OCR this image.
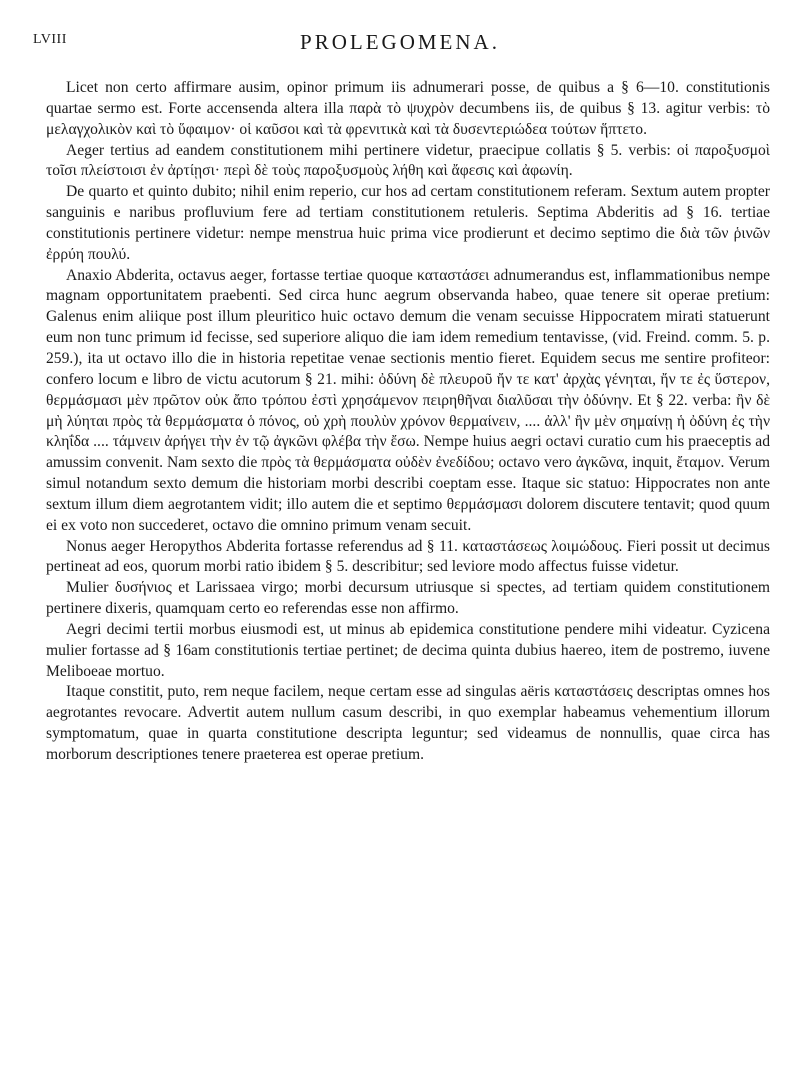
LVIII	PROLEGOMENA.

Licet non certo affirmare ausim, opinor primum iis adnumerari posse, de quibus a § 6—10. constitutionis quartae sermo est. Forte accensenda altera illa παρὰ τὸ ψυχρὸν decumbens iis, de quibus § 13. agitur verbis: τὸ μελαγχολικὸν καὶ τὸ ὕφαιμον· οἱ καῦσοι καὶ τὰ φρενιτικὰ καὶ τὰ δυσεντεριώδεα τούτων ἥπτετο.

Aeger tertius ad eandem constitutionem mihi pertinere videtur, praecipue collatis § 5. verbis: οἱ παροξυσμοὶ τοῖσι πλείστοισι ἐν ἀρτίῃσι· περὶ δὲ τοὺς παροξυσμοὺς λήθη καὶ ἄφεσις καὶ ἀφωνίη.

De quarto et quinto dubito; nihil enim reperio, cur hos ad certam constitutionem referam. Sextum autem propter sanguinis e naribus profluvium fere ad tertiam constitutionem retuleris. Septima Abderitis ad § 16. tertiae constitutionis pertinere videtur: nempe menstrua huic prima vice prodierunt et decimo septimo die διὰ τῶν ῥινῶν ἐρρύη πουλύ.

Anaxio Abderita, octavus aeger, fortasse tertiae quoque καταστάσει adnumerandus est, inflammationibus nempe magnam opportunitatem praebenti. Sed circa hunc aegrum observanda habeo, quae tenere sit operae pretium: Galenus enim aliique post illum pleuritico huic octavo demum die venam secuisse Hippocratem mirati statuerunt eum non tunc primum id fecisse, sed superiore aliquo die iam idem remedium tentavisse, (vid. Freind. comm. 5. p. 259.), ita ut octavo illo die in historia repetitae venae sectionis mentio fieret. Equidem secus me sentire profiteor: confero locum e libro de victu acutorum § 21. mihi: ὀδύνη δὲ πλευροῦ ἤν τε κατ' ἀρχὰς γένηται, ἤν τε ἐς ὕστερον, θερμάσμασι μὲν πρῶτον οὐκ ἄπο τρόπου ἐστὶ χρησάμενον πειρηθῆναι διαλῦσαι τὴν ὀδύνην. Et § 22. verba: ἢν δὲ μὴ λύηται πρὸς τὰ θερμάσματα ὁ πόνος, οὐ χρὴ πουλὺν χρόνον θερμαίνειν, .... ἀλλ' ἢν μὲν σημαίνῃ ἡ ὀδύνη ἐς τὴν κληΐδα .... τάμνειν ἀρήγει τὴν ἐν τῷ ἀγκῶνι φλέβα τὴν ἔσω. Nempe huius aegri octavi curatio cum his praeceptis ad amussim convenit. Nam sexto die πρὸς τὰ θερμάσματα οὐδὲν ἐνεδίδου; octavo vero ἀγκῶνα, inquit, ἔταμον. Verum simul notandum sexto demum die historiam morbi describi coeptam esse. Itaque sic statuo: Hippocrates non ante sextum illum diem aegrotantem vidit; illo autem die et septimo θερμάσμασι dolorem discutere tentavit; quod quum ei ex voto non succederet, octavo die omnino primum venam secuit.

Nonus aeger Heropythos Abderita fortasse referendus ad § 11. καταστάσεως λοιμώδους. Fieri possit ut decimus pertineat ad eos, quorum morbi ratio ibidem § 5. describitur; sed leviore modo affectus fuisse videtur.

Mulier δυσήνιος et Larissaea virgo; morbi decursum utriusque si spectes, ad tertiam quidem constitutionem pertinere dixeris, quamquam certo eo referendas esse non affirmo.

Aegri decimi tertii morbus eiusmodi est, ut minus ab epidemica constitutione pendere mihi videatur. Cyzicena mulier fortasse ad § 16am constitutionis tertiae pertinet; de decima quinta dubius haereo, item de postremo, iuvene Meliboeae mortuo.

Itaque constitit, puto, rem neque facilem, neque certam esse ad singulas aëris καταστάσεις descriptas omnes hos aegrotantes revocare. Advertit autem nullum casum describi, in quo exemplar habeamus vehementium illorum symptomatum, quae in quarta constitutione descripta leguntur; sed videamus de nonnullis, quae circa has morborum descriptiones tenere praeterea est operae pretium.
